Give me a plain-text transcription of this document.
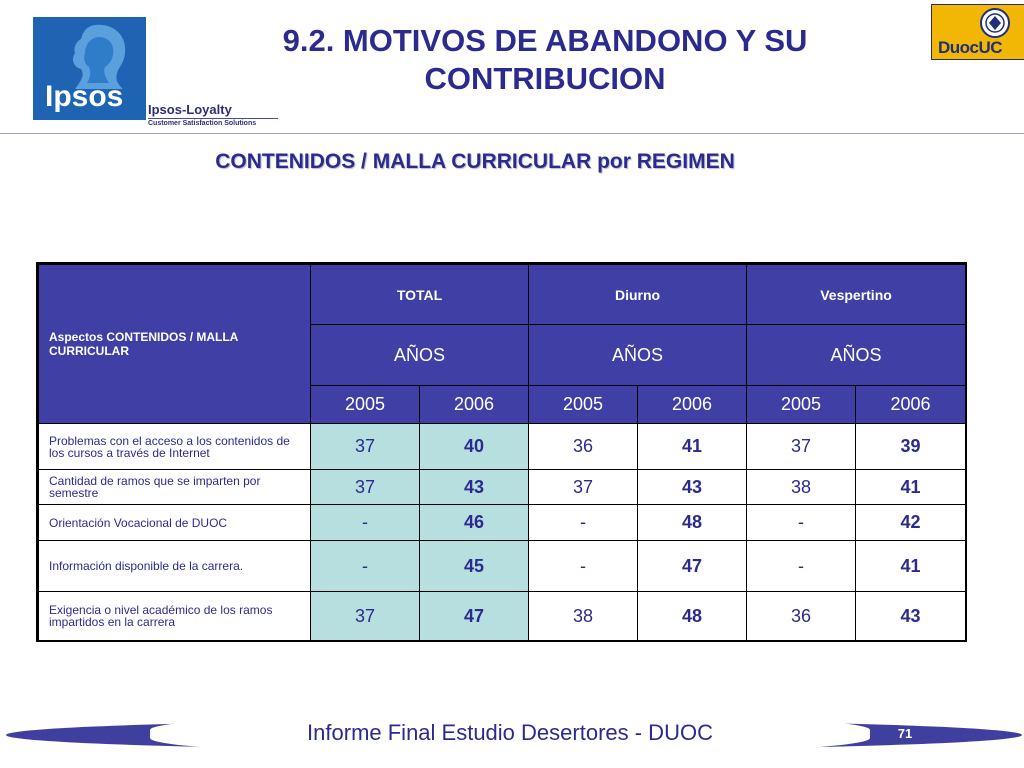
Ipsos Ipsos-Loyalty
Customer Satisfaction Solutions
9.2. MOTIVOS DE ABANDONO Y SU
CONTRIBUCION
DuocUC
CONTENIDOS / MALLA CURRICULAR por REGIMEN
Aspectos CONTENIDOS / MALLA CURRICULAR	TOTAL		Diurno		Vespertino	
	AÑOS		AÑOS		AÑOS	
	2005	2006	2005	2006	2005	2006
Problemas con el acceso a los contenidos de los cursos a través de Internet	37	40	36	41	37	39
Cantidad de ramos que se imparten por semestre	37	43	37	43	38	41
Orientación Vocacional de DUOC	-	46	-	48	-	42
Información disponible de la carrera.	-	45	-	47	-	41
Exigencia o nivel académico de los ramos impartidos en la carrera	37	47	38	48	36	43
Informe Final Estudio Desertores - DUOC	71
